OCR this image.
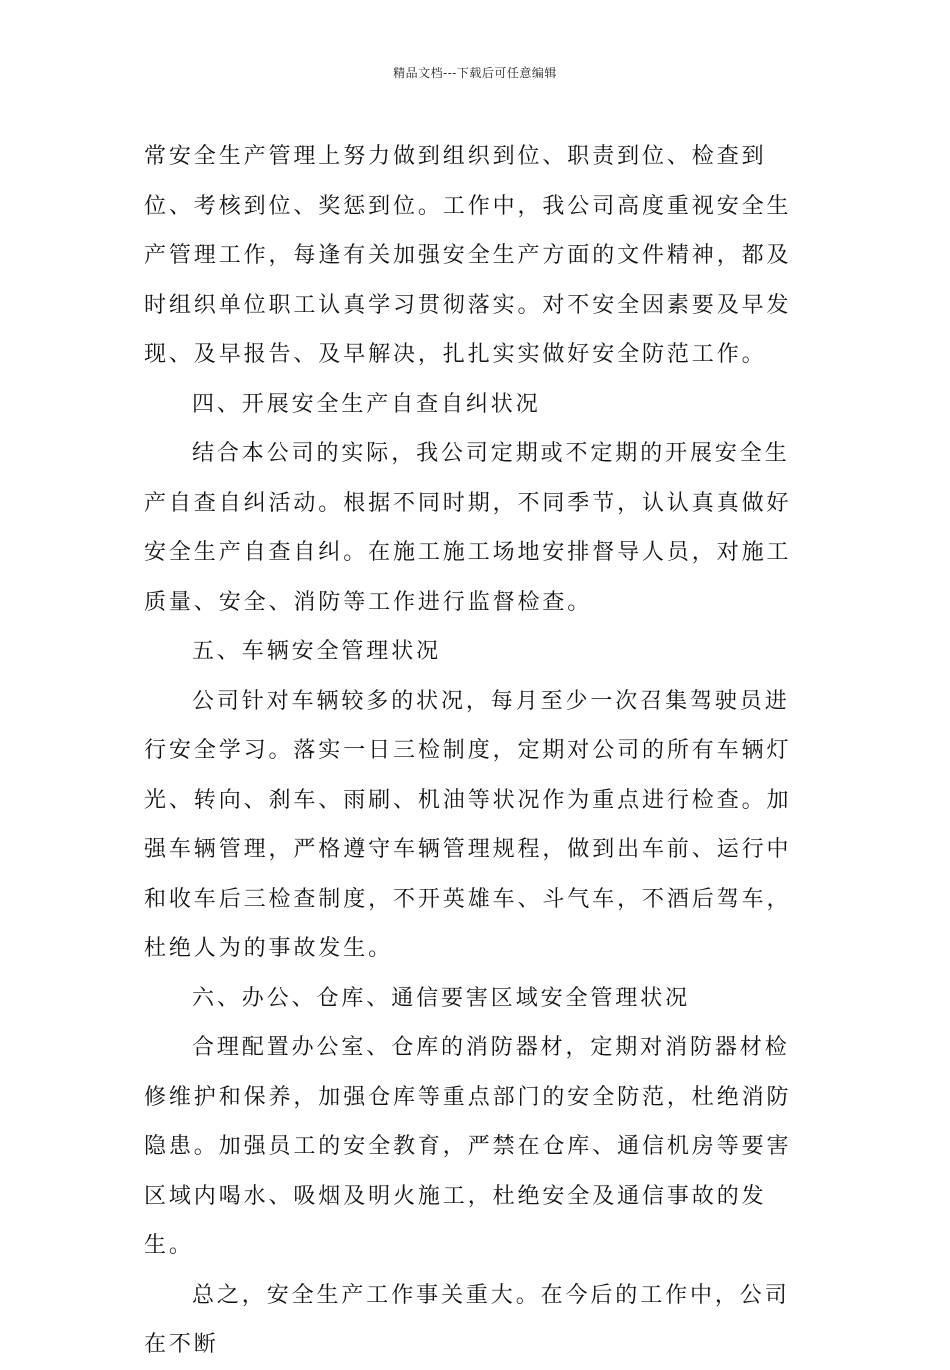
精品文档---下载后可任意编辑

常安全生产管理上努力做到组织到位、职责到位、检查到位、考核到位、奖惩到位。工作中，我公司高度重视安全生产管理工作，每逢有关加强安全生产方面的文件精神，都及时组织单位职工认真学习贯彻落实。对不安全因素要及早发现、及早报告、及早解决，扎扎实实做好安全防范工作。

四、开展安全生产自查自纠状况

结合本公司的实际，我公司定期或不定期的开展安全生产自查自纠活动。根据不同时期，不同季节，认认真真做好安全生产自查自纠。在施工施工场地安排督导人员，对施工质量、安全、消防等工作进行监督检查。

五、车辆安全管理状况

公司针对车辆较多的状况，每月至少一次召集驾驶员进行安全学习。落实一日三检制度，定期对公司的所有车辆灯光、转向、刹车、雨刷、机油等状况作为重点进行检查。加强车辆管理，严格遵守车辆管理规程，做到出车前、运行中和收车后三检查制度，不开英雄车、斗气车，不酒后驾车，杜绝人为的事故发生。

六、办公、仓库、通信要害区域安全管理状况

合理配置办公室、仓库的消防器材，定期对消防器材检修维护和保养，加强仓库等重点部门的安全防范，杜绝消防隐患。加强员工的安全教育，严禁在仓库、通信机房等要害区域内喝水、吸烟及明火施工，杜绝安全及通信事故的发生。

总之，安全生产工作事关重大。在今后的工作中，公司在不断
